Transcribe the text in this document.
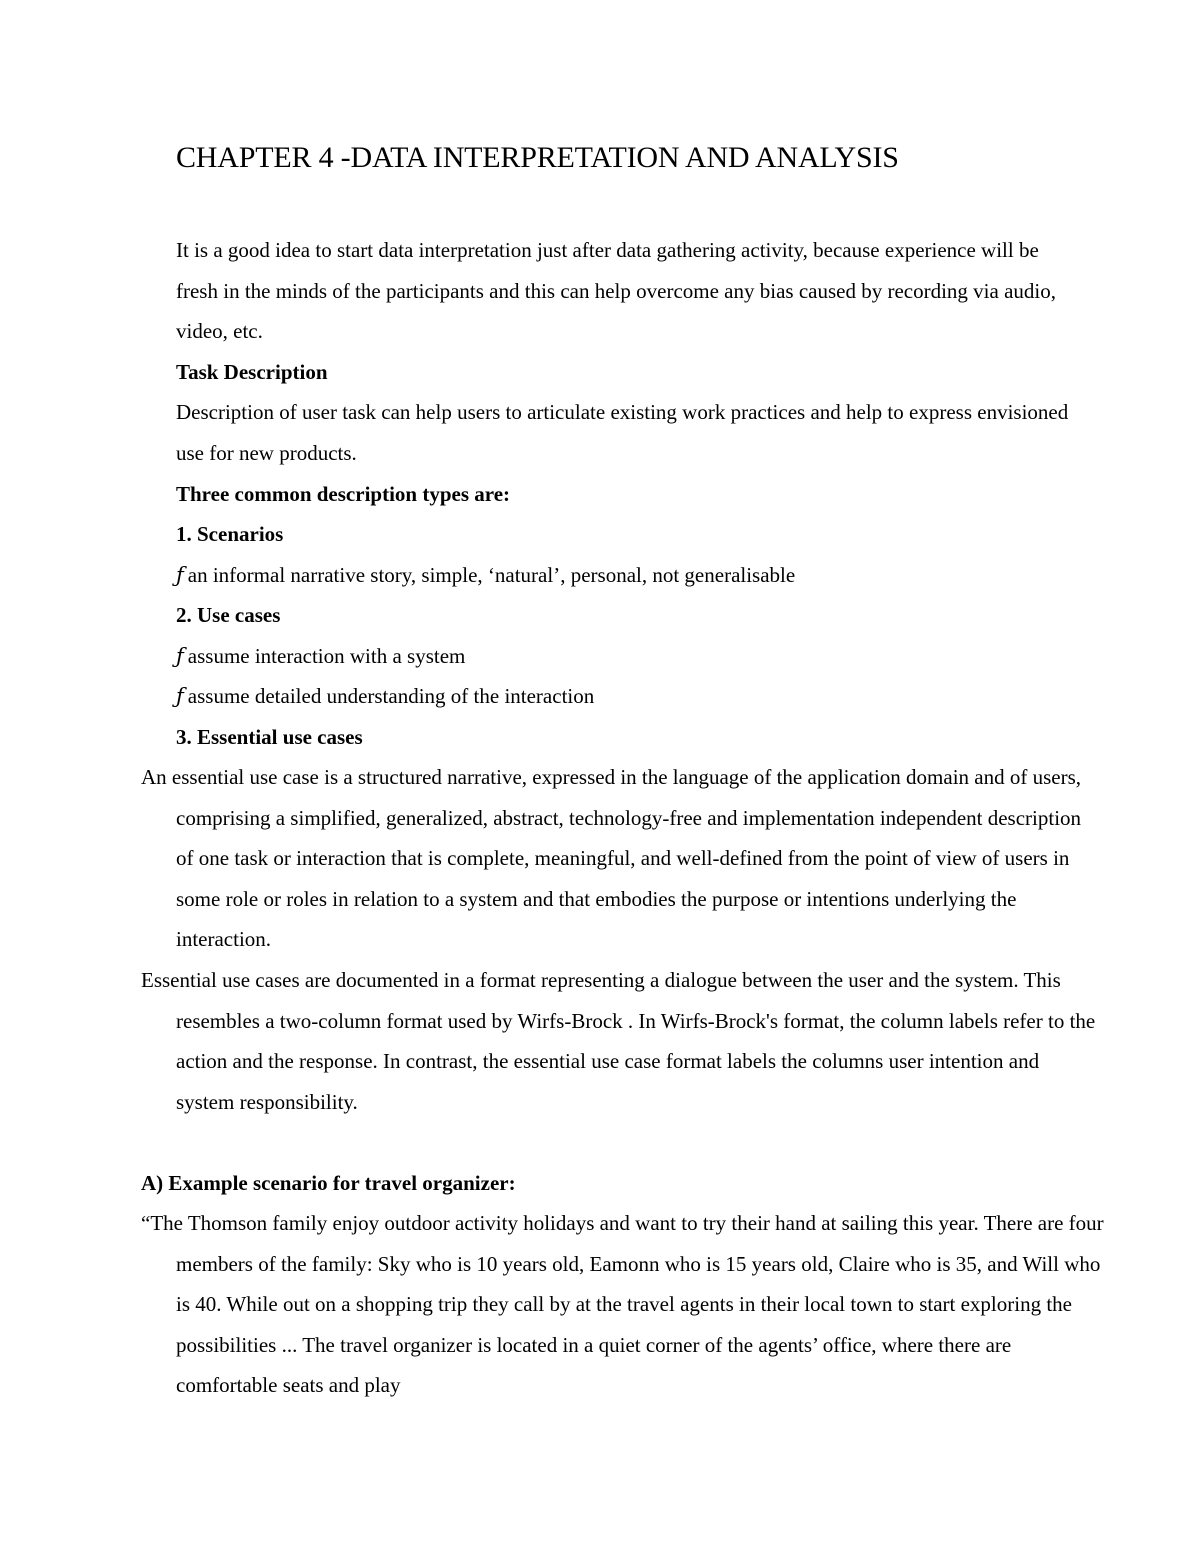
CHAPTER 4 -DATA INTERPRETATION AND ANALYSIS

It is a good idea to start data interpretation just after data gathering activity, because experience will be fresh in the minds of the participants and this can help overcome any bias caused by recording via audio, video, etc.

Task Description

Description of user task can help users to articulate existing work practices and help to express envisioned use for new products.

Three common description types are:

1. Scenarios

ƒ an informal narrative story, simple, ‘natural’, personal, not generalisable

2. Use cases

ƒ assume interaction with a system

ƒ assume detailed understanding of the interaction

3. Essential use cases

An essential use case is a structured narrative, expressed in the language of the application domain and of users, comprising a simplified, generalized, abstract, technology-free and implementation independent description of one task or interaction that is complete, meaningful, and well-defined from the point of view of users in some role or roles in relation to a system and that embodies the purpose or intentions underlying the interaction.

Essential use cases are documented in a format representing a dialogue between the user and the system. This resembles a two-column format used by Wirfs-Brock . In Wirfs-Brock's format, the column labels refer to the action and the response. In contrast, the essential use case format labels the columns user intention and system responsibility.

A) Example scenario for travel organizer:

“The Thomson family enjoy outdoor activity holidays and want to try their hand at sailing this year. There are four members of the family: Sky who is 10 years old, Eamonn who is 15 years old, Claire who is 35, and Will who is 40. While out on a shopping trip they call by at the travel agents in their local town to start exploring the possibilities ... The travel organizer is located in a quiet corner of the agents’ office, where there are comfortable seats and play
